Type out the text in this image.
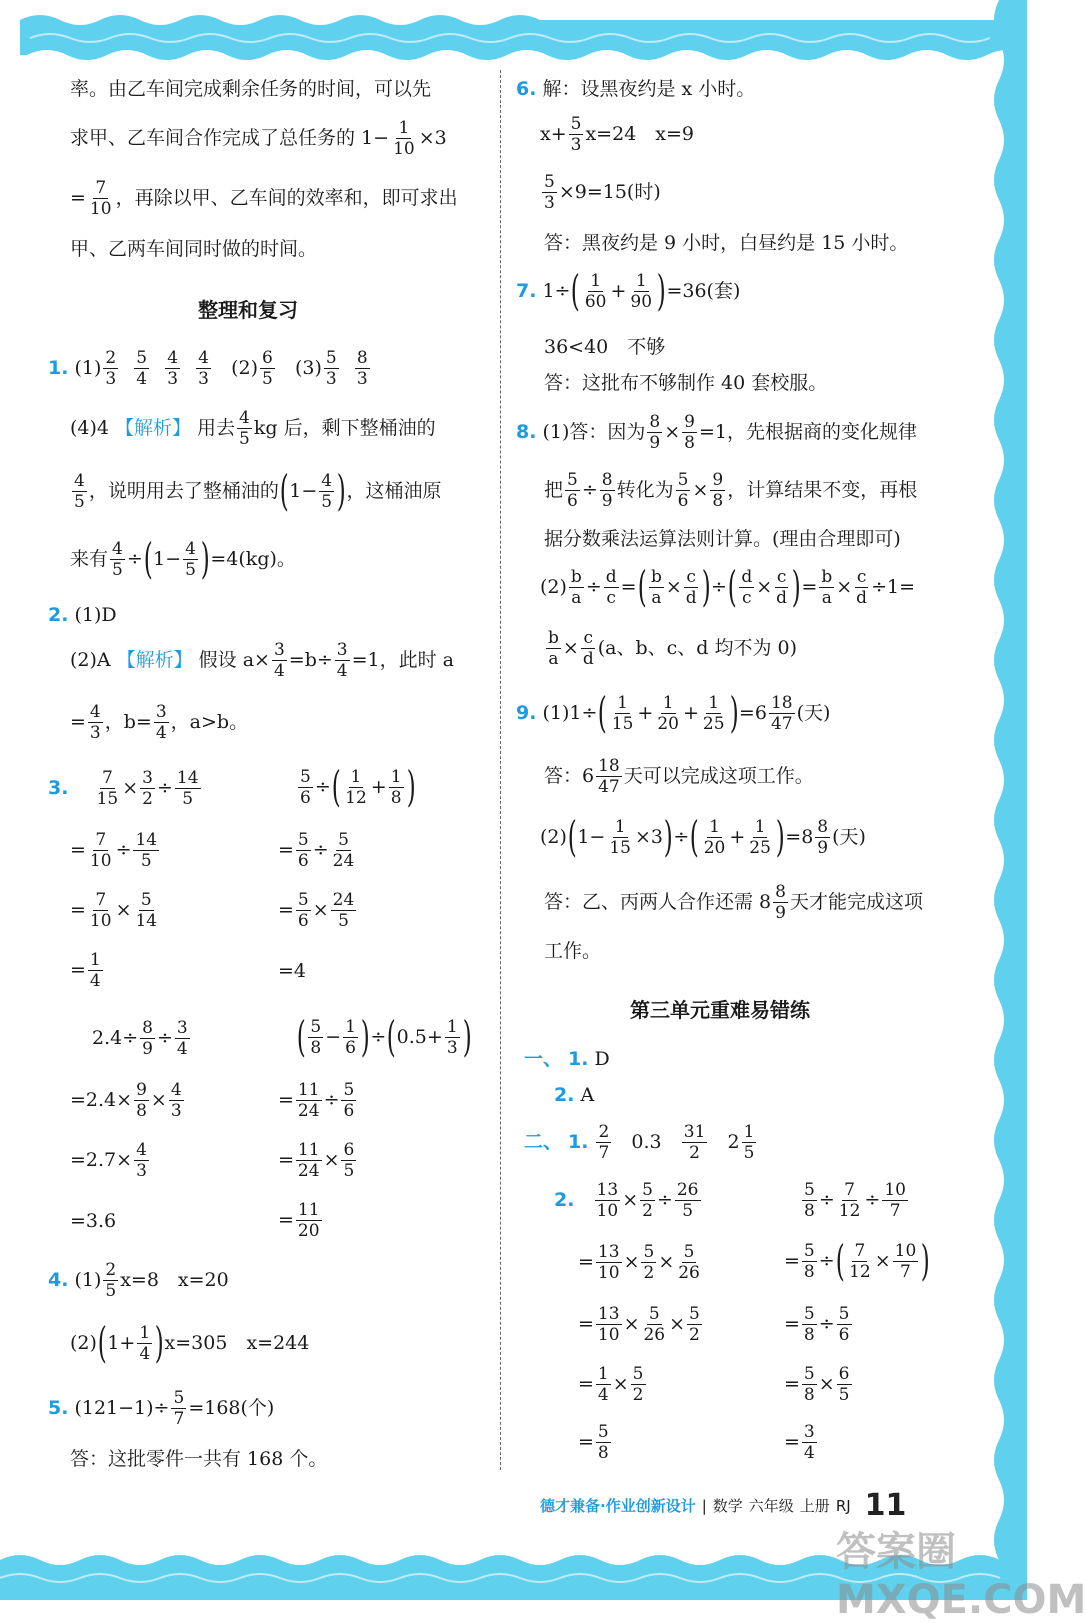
率。由乙车间完成剩余任务的时间，可以先
求甲、乙车间合作完成了总任务的 $1- \frac{1}{10} \times 3$
= $\frac{7}{10}$ ，再除以甲、乙车间的效率和，即可求出
甲、乙两车间同时做的时间。
整理和复习
1. (1) 2
3

5
4

4
3

4
3
(2) 6
5
(3) 5
3

8
3
(4)4 【解析】 用去 4
5 kg 后，剩下整桶油的
4
5 ，说明用去了整桶油的 ( $1- \frac{4}{5}$ ) ，这桶油原
来有 $\frac{4}{5}$ ÷ ( $1- \frac{4}{5}$ ) =4(kg)。
2. (1)D
(2)A 【解析】 假设 $a\times \frac{3}{4} =b\div \frac{3}{4} =1$，此时 a
= $\frac{4}{3}$ ，$b= \frac{3}{4}$ ，a>b。
3.
$\frac{7}{15} \times \frac{3}{2} \div \frac{14}{5}$
= $\frac{7}{10} \div \frac{14}{5}$
= $\frac{7}{10} \times \frac{5}{14}$
= $\frac{1}{4}$
$\frac{5}{6}$ ÷ ( 1
$12 + \frac{1}{8}$ )
= $\frac{5}{6} \div \frac{5}{24}$
= $\frac{5}{6} \times \frac{24}{5}$
=4
$2.4\div \frac{8}{9} \div \frac{3}{4}$
$=2.4\times \frac{9}{8} \times \frac{4}{3}$
$=2.7\times \frac{4}{3}$
=3.6
( 5
$8 - \frac{1}{6}$ ) ÷ ( $0.5+ \frac{1}{3}$ )
= $\frac{11}{24} \div \frac{5}{6}$
= $\frac{11}{24} \times \frac{6}{5}$
= $\frac{11}{20}$
4. (1) 2
5 x=8　x=20
(2) ( $1+ \frac{1}{4}$ ) x=305　x=244
5. $(121-1)\div \frac{5}{7} =168$(个)
答：这批零件一共有 168 个。
6. 解：设黑夜约是 x 小时。
$x+ \frac{5}{3} x=24$　x=9
$\frac{5}{3} \times 9=15$(时)
答：黑夜约是 9 小时，白昼约是 15 小时。
7. 1÷ ( 1
$60 + \frac{1}{90}$ ) =36(套)
36<40　不够
答：这批布不够制作 40 套校服。
8. (1)答：因为 $\frac{8}{9} \times \frac{9}{8} =1$，先根据商的变化规律
把 $\frac{5}{6} \div \frac{8}{9}$ 转化为 $\frac{5}{6} \times \frac{9}{8}$ ，计算结果不变，再根
据分数乘法运算法则计算。(理由合理即可)
$(2) \frac{b}{a} \div \frac{d}{c}$ = ( $\frac{b}{a} \times \frac{c}{d}$ ) ÷ ( $\frac{d}{c} \times \frac{c}{d}$ ) = $\frac{b}{a} \times \frac{c}{d} \div 1=$
$\frac{b}{a} \times \frac{c}{d} (a$、b、c、d 均不为 0)
9. (1)1÷ ( 1
$15 + \frac{1}{20} + \frac{1}{25}$ ) =6 18
47 (天)
答：6 18
47 天可以完成这项工作。
(2) ( $1- \frac{1}{15} \times 3$ ) ÷ ( 1
$20 + \frac{1}{25}$ ) =8 8
9 (天)
答：乙、丙两人合作还需 8 8
9 天才能完成这项
工作。
第三单元重难易错练
一、 1. D
2. A
二、 1. 2
7
0.3
31
2
2 1
5
2.
$\frac{13}{10} \times \frac{5}{2} \div \frac{26}{5}$
= $\frac{13}{10} \times \frac{5}{2} \times \frac{5}{26}$
= $\frac{13}{10} \times \frac{5}{26} \times \frac{5}{2}$
= $\frac{1}{4} \times \frac{5}{2}$
= $\frac{5}{8}$
$\frac{5}{8} \div \frac{7}{12} \div \frac{10}{7}$
= $\frac{5}{8}$ ÷ ( $\frac{7}{12} \times \frac{10}{7}$ )
= $\frac{5}{8} \div \frac{5}{6}$
= $\frac{5}{8} \times \frac{6}{5}$
= $\frac{3}{4}$
德才兼备·作业创新设计 | 数学 六年级 上册 RJ 11
答案圈 MXQE.COM
